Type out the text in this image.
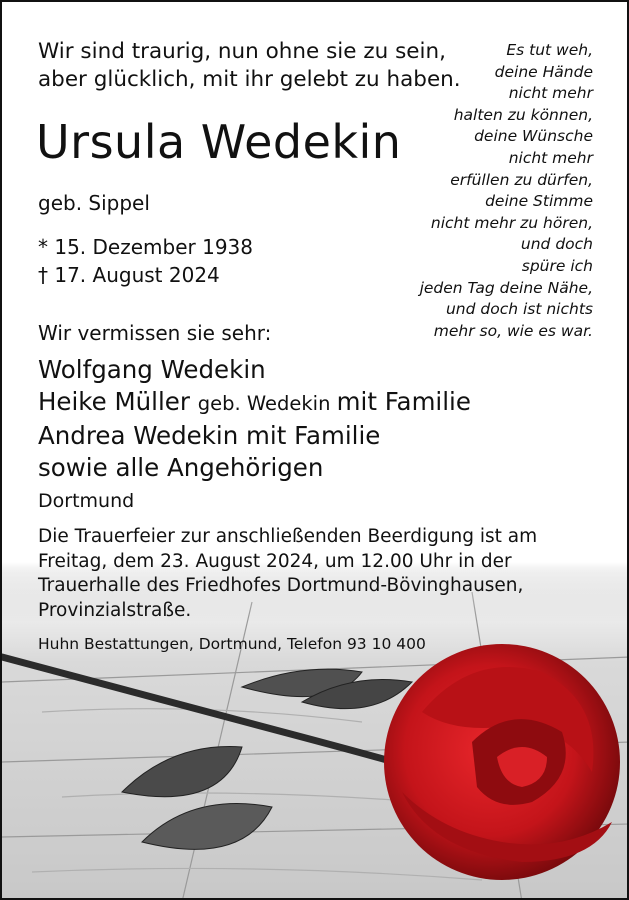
Wir sind traurig, nun ohne sie zu sein,
aber glücklich, mit ihr gelebt zu haben.

Ursula Wedekin

geb. Sippel

* 15. Dezember 1938
† 17. August 2024

Es tut weh,
deine Hände
nicht mehr
halten zu können,
deine Wünsche
nicht mehr
erfüllen zu dürfen,
deine Stimme
nicht mehr zu hören,
und doch
spüre ich
jeden Tag deine Nähe,
und doch ist nichts
mehr so, wie es war.

Wir vermissen sie sehr:

Wolfgang Wedekin
Heike Müller geb. Wedekin mit Familie
Andrea Wedekin mit Familie
sowie alle Angehörigen

Dortmund

Die Trauerfeier zur anschließenden Beerdigung ist am
Freitag, dem 23. August 2024, um 12.00 Uhr in der
Trauerhalle des Friedhofes Dortmund-Bövinghausen,
Provinzialstraße.

Huhn Bestattungen, Dortmund, Telefon 93 10 400
